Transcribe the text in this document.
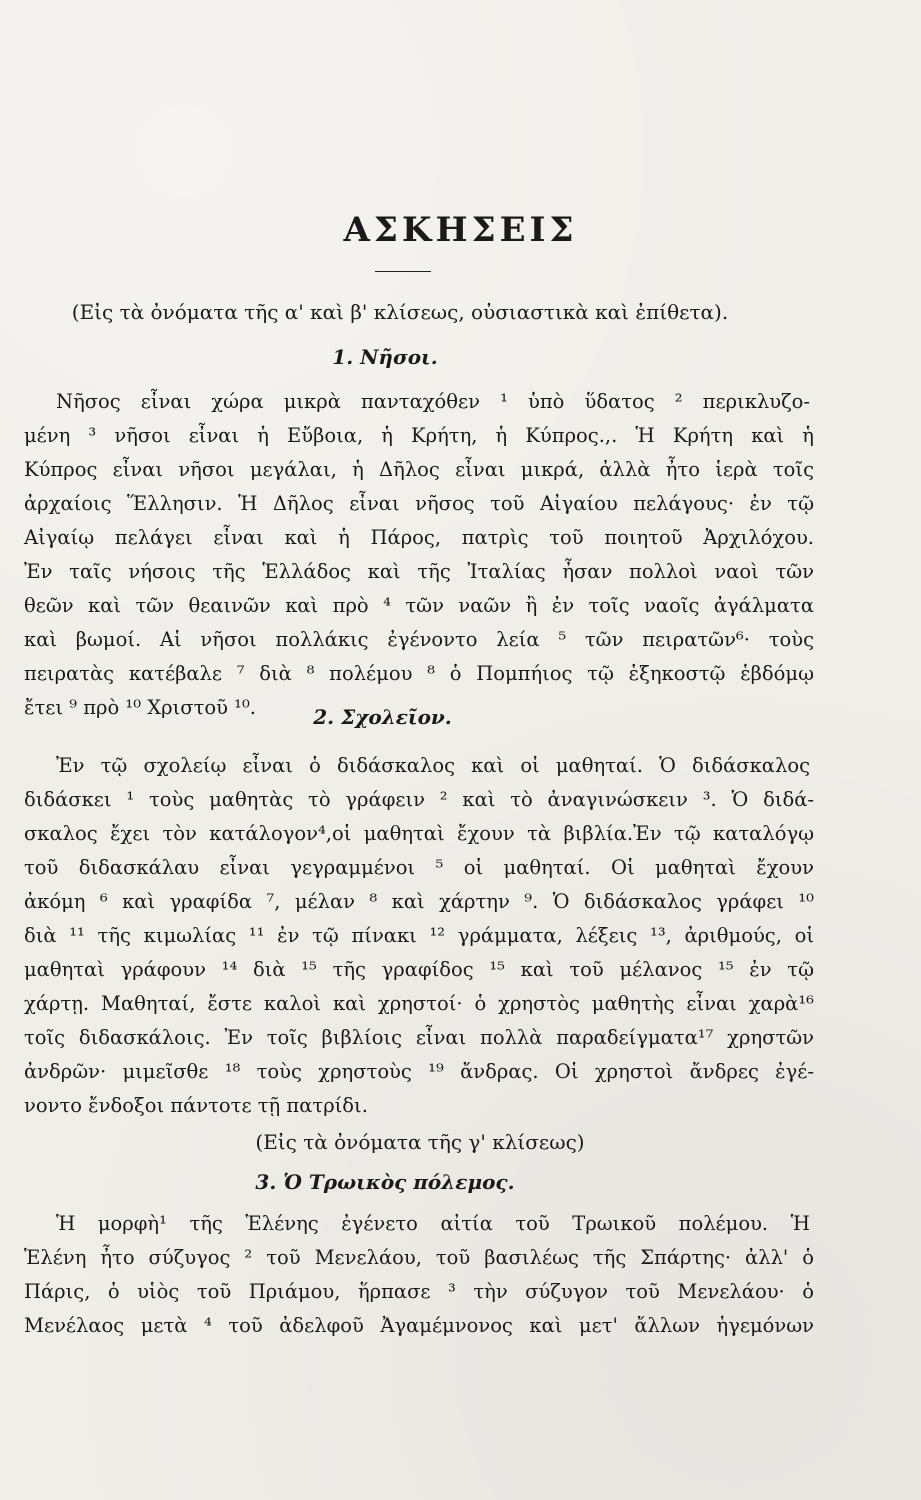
ΑΣΚΗΣΕΙΣ
(Εἰς τὰ ὀνόματα τῆς α' καὶ β' κλίσεως, οὐσιαστικὰ καὶ ἐπίθετα).
1. Νῆσοι.
Νῆσος εἶναι χώρα μικρὰ πανταχόθεν ¹ ὑπὸ ὕδατος ² περικλυζο-
μένη ³ νῆσοι εἶναι ἡ Εὔβοια, ἡ Κρήτη, ἡ Κύπρος.,. Ἡ Κρήτη καὶ ἡ
Κύπρος εἶναι νῆσοι μεγάλαι, ἡ Δῆλος εἶναι μικρά, ἀλλὰ ἦτο ἱερὰ τοῖς
ἀρχαίοις Ἕλλησιν. Ἡ Δῆλος εἶναι νῆσος τοῦ Αἰγαίου πελάγους· ἐν τῷ
Αἰγαίῳ πελάγει εἶναι καὶ ἡ Πάρος, πατρὶς τοῦ ποιητοῦ Ἀρχιλόχου.
Ἐν ταῖς νήσοις τῆς Ἑλλάδος καὶ τῆς Ἰταλίας ἦσαν πολλοὶ ναοὶ τῶν
θεῶν καὶ τῶν θεαινῶν καὶ πρὸ ⁴ τῶν ναῶν ἢ ἐν τοῖς ναοῖς ἀγάλματα
καὶ βωμοί. Αἱ νῆσοι πολλάκις ἐγένοντο λεία ⁵ τῶν πειρατῶν⁶· τοὺς
πειρατὰς κατέβαλε ⁷ διὰ ⁸ πολέμου ⁸ ὁ Πομπήιος τῷ ἑξηκοστῷ ἑβδόμῳ
ἔτει ⁹ πρὸ ¹⁰ Χριστοῦ ¹⁰.	2. Σχολεῖον.
Ἐν τῷ σχολείῳ εἶναι ὁ διδάσκαλος καὶ οἱ μαθηταί. Ὁ διδάσκαλος
διδάσκει ¹ τοὺς μαθητὰς τὸ γράφειν ² καὶ τὸ ἀναγινώσκειν ³. Ὁ διδά-
σκαλος ἔχει τὸν κατάλογον⁴,οἱ μαθηταὶ ἔχουν τὰ βιβλία.Ἐν τῷ καταλόγῳ
τοῦ διδασκάλαυ εἶναι γεγραμμένοι ⁵ οἱ μαθηταί. Οἱ μαθηταὶ ἔχουν
ἀκόμη ⁶ καὶ γραφίδα ⁷, μέλαν ⁸ καὶ χάρτην ⁹. Ὁ διδάσκαλος γράφει ¹⁰
διὰ ¹¹ τῆς κιμωλίας ¹¹ ἐν τῷ πίνακι ¹² γράμματα, λέξεις ¹³, ἀριθμούς, οἱ
μαθηταὶ γράφουν ¹⁴ διὰ ¹⁵ τῆς γραφίδος ¹⁵ καὶ τοῦ μέλανος ¹⁵ ἐν τῷ
χάρτῃ. Μαθηταί, ἔστε καλοὶ καὶ χρηστοί· ὁ χρηστὸς μαθητὴς εἶναι χαρὰ¹⁶
τοῖς διδασκάλοις. Ἐν τοῖς βιβλίοις εἶναι πολλὰ παραδείγματα¹⁷ χρηστῶν
ἀνδρῶν· μιμεῖσθε ¹⁸ τοὺς χρηστοὺς ¹⁹ ἄνδρας. Οἱ χρηστοὶ ἄνδρες ἐγέ-
νοντο ἔνδοξοι πάντοτε τῇ πατρίδι.
(Εἰς τὰ ὀνόματα τῆς γ' κλίσεως)
3. Ὁ Τρωικὸς πόλεμος.
Ἡ μορφὴ¹ τῆς Ἑλένης ἐγένετο αἰτία τοῦ Τρωικοῦ πολέμου. Ἡ
Ἑλένη ἦτο σύζυγος ² τοῦ Μενελάου, τοῦ βασιλέως τῆς Σπάρτης· ἀλλ' ὁ
Πάρις, ὁ υἱὸς τοῦ Πριάμου, ἥρπασε ³ τὴν σύζυγον τοῦ Μενελάου· ὁ
Μενέλαος μετὰ ⁴ τοῦ ἀδελφοῦ Ἀγαμέμνονος καὶ μετ' ἄλλων ἡγεμόνων
